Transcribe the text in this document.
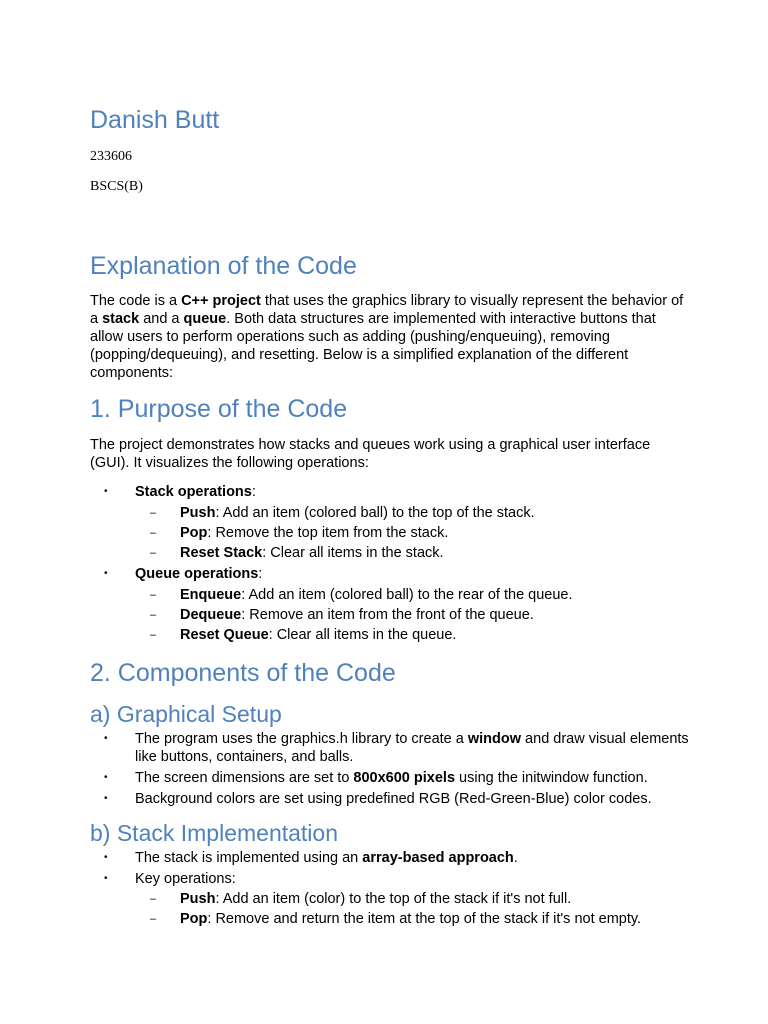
Danish Butt
233606
BSCS(B)
Explanation of the Code

The code is a C++ project that uses the graphics library to visually represent the behavior of a stack and a queue. Both data structures are implemented with interactive buttons that allow users to perform operations such as adding (pushing/enqueuing), removing (popping/dequeuing), and resetting. Below is a simplified explanation of the different components:

1. Purpose of the Code

The project demonstrates how stacks and queues work using a graphical user interface (GUI). It visualizes the following operations:

• Stack operations:
– Push: Add an item (colored ball) to the top of the stack.
– Pop: Remove the top item from the stack.
– Reset Stack: Clear all items in the stack.
• Queue operations:
– Enqueue: Add an item (colored ball) to the rear of the queue.
– Dequeue: Remove an item from the front of the queue.
– Reset Queue: Clear all items in the queue.
2. Components of the Code
a) Graphical Setup
• The program uses the graphics.h library to create a window and draw visual elements like buttons, containers, and balls.
• The screen dimensions are set to 800x600 pixels using the initwindow function.
• Background colors are set using predefined RGB (Red-Green-Blue) color codes.
b) Stack Implementation
• The stack is implemented using an array-based approach.
• Key operations:
– Push: Add an item (color) to the top of the stack if it's not full.
– Pop: Remove and return the item at the top of the stack if it's not empty.
